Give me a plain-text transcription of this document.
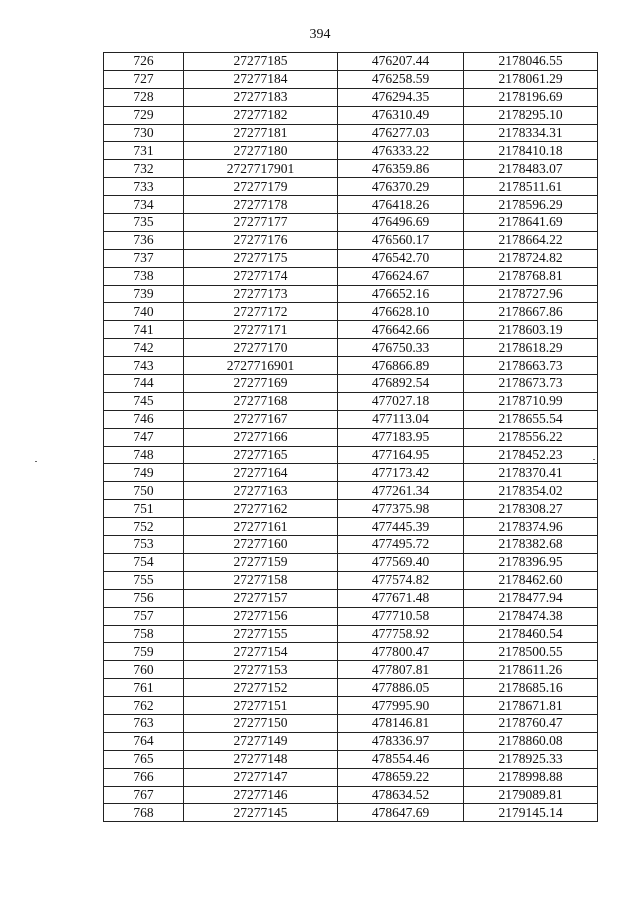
394
726	27277185	476207.44	2178046.55
727	27277184	476258.59	2178061.29
728	27277183	476294.35	2178196.69
729	27277182	476310.49	2178295.10
730	27277181	476277.03	2178334.31
731	27277180	476333.22	2178410.18
732	2727717901	476359.86	2178483.07
733	27277179	476370.29	2178511.61
734	27277178	476418.26	2178596.29
735	27277177	476496.69	2178641.69
736	27277176	476560.17	2178664.22
737	27277175	476542.70	2178724.82
738	27277174	476624.67	2178768.81
739	27277173	476652.16	2178727.96
740	27277172	476628.10	2178667.86
741	27277171	476642.66	2178603.19
742	27277170	476750.33	2178618.29
743	2727716901	476866.89	2178663.73
744	27277169	476892.54	2178673.73
745	27277168	477027.18	2178710.99
746	27277167	477113.04	2178655.54
747	27277166	477183.95	2178556.22
748	27277165	477164.95	2178452.23
749	27277164	477173.42	2178370.41
750	27277163	477261.34	2178354.02
751	27277162	477375.98	2178308.27
752	27277161	477445.39	2178374.96
753	27277160	477495.72	2178382.68
754	27277159	477569.40	2178396.95
755	27277158	477574.82	2178462.60
756	27277157	477671.48	2178477.94
757	27277156	477710.58	2178474.38
758	27277155	477758.92	2178460.54
759	27277154	477800.47	2178500.55
760	27277153	477807.81	2178611.26
761	27277152	477886.05	2178685.16
762	27277151	477995.90	2178671.81
763	27277150	478146.81	2178760.47
764	27277149	478336.97	2178860.08
765	27277148	478554.46	2178925.33
766	27277147	478659.22	2178998.88
767	27277146	478634.52	2179089.81
768	27277145	478647.69	2179145.14
